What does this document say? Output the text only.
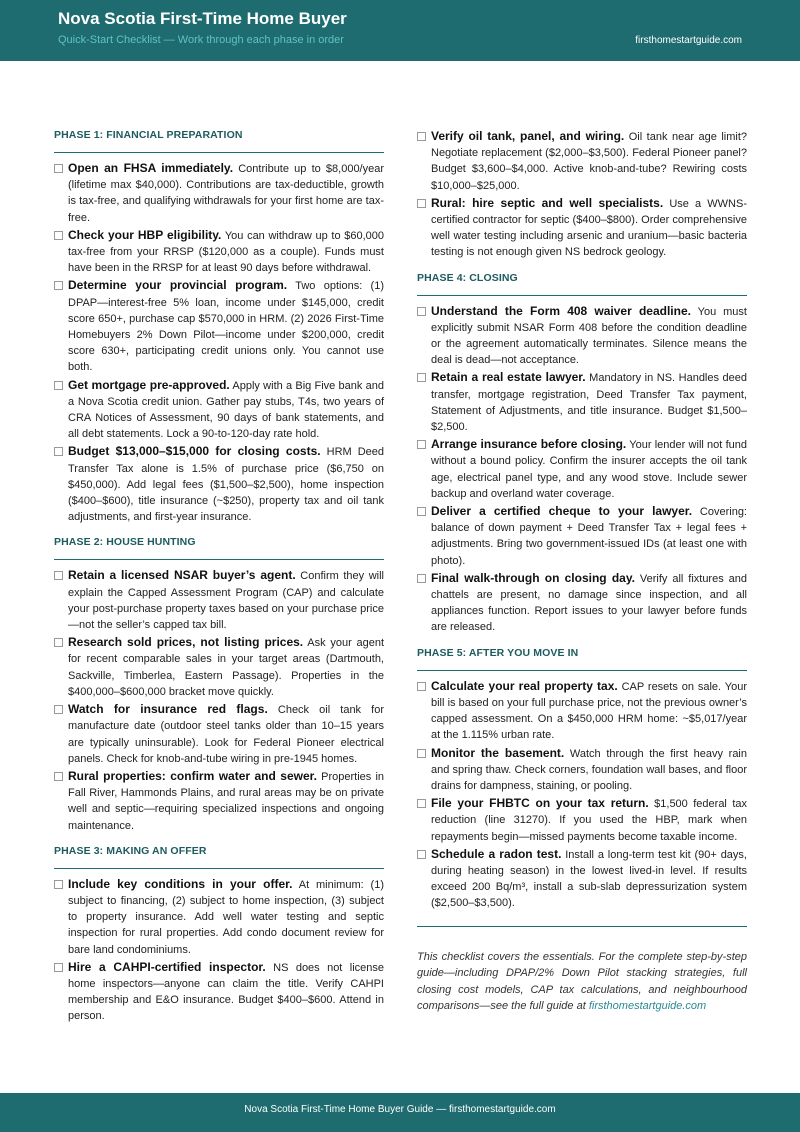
Nova Scotia First-Time Home Buyer
Quick-Start Checklist — Work through each phase in order	firsthomestartguide.com
PHASE 1: FINANCIAL PREPARATION
Open an FHSA immediately. Contribute up to $8,000/year (lifetime max $40,000). Contributions are tax-deductible, growth is tax-free, and qualifying withdrawals for your first home are tax-free.
Check your HBP eligibility. You can withdraw up to $60,000 tax-free from your RRSP ($120,000 as a couple). Funds must have been in the RRSP for at least 90 days before withdrawal.
Determine your provincial program. Two options: (1) DPAP—interest-free 5% loan, income under $145,000, credit score 650+, purchase cap $570,000 in HRM. (2) 2026 First-Time Homebuyers 2% Down Pilot—income under $200,000, credit score 630+, participating credit unions only. You cannot use both.
Get mortgage pre-approved. Apply with a Big Five bank and a Nova Scotia credit union. Gather pay stubs, T4s, two years of CRA Notices of Assessment, 90 days of bank statements, and all debt statements. Lock a 90-to-120-day rate hold.
Budget $13,000–$15,000 for closing costs. HRM Deed Transfer Tax alone is 1.5% of purchase price ($6,750 on $450,000). Add legal fees ($1,500–$2,500), home inspection ($400–$600), title insurance (~$250), property tax and oil tank adjustments, and first-year insurance.
PHASE 2: HOUSE HUNTING
Retain a licensed NSAR buyer’s agent. Confirm they will explain the Capped Assessment Program (CAP) and calculate your post-purchase property taxes based on your purchase price—not the seller’s capped tax bill.
Research sold prices, not listing prices. Ask your agent for recent comparable sales in your target areas (Dartmouth, Sackville, Timberlea, Eastern Passage). Properties in the $400,000–$600,000 bracket move quickly.
Watch for insurance red flags. Check oil tank for manufacture date (outdoor steel tanks older than 10–15 years are typically uninsurable). Look for Federal Pioneer electrical panels. Check for knob-and-tube wiring in pre-1945 homes.
Rural properties: confirm water and sewer. Properties in Fall River, Hammonds Plains, and rural areas may be on private well and septic—requiring specialized inspections and ongoing maintenance.
PHASE 3: MAKING AN OFFER
Include key conditions in your offer. At minimum: (1) subject to financing, (2) subject to home inspection, (3) subject to property insurance. Add well water testing and septic inspection for rural properties. Add condo document review for bare land condominiums.
Hire a CAHPI-certified inspector. NS does not license home inspectors—anyone can claim the title. Verify CAHPI membership and E&O insurance. Budget $400–$600. Attend in person.
Verify oil tank, panel, and wiring. Oil tank near age limit? Negotiate replacement ($2,000–$3,500). Federal Pioneer panel? Budget $3,600–$4,000. Active knob-and-tube? Rewiring costs $10,000–$25,000.
Rural: hire septic and well specialists. Use a WWNS-certified contractor for septic ($400–$800). Order comprehensive well water testing including arsenic and uranium—basic bacteria testing is not enough given NS bedrock geology.
PHASE 4: CLOSING
Understand the Form 408 waiver deadline. You must explicitly submit NSAR Form 408 before the condition deadline or the agreement automatically terminates. Silence means the deal is dead—not acceptance.
Retain a real estate lawyer. Mandatory in NS. Handles deed transfer, mortgage registration, Deed Transfer Tax payment, Statement of Adjustments, and title insurance. Budget $1,500–$2,500.
Arrange insurance before closing. Your lender will not fund without a bound policy. Confirm the insurer accepts the oil tank age, electrical panel type, and any wood stove. Include sewer backup and overland water coverage.
Deliver a certified cheque to your lawyer. Covering: balance of down payment + Deed Transfer Tax + legal fees + adjustments. Bring two government-issued IDs (at least one with photo).
Final walk-through on closing day. Verify all fixtures and chattels are present, no damage since inspection, and all appliances function. Report issues to your lawyer before funds are released.
PHASE 5: AFTER YOU MOVE IN
Calculate your real property tax. CAP resets on sale. Your bill is based on your full purchase price, not the previous owner’s capped assessment. On a $450,000 HRM home: ~$5,017/year at the 1.115% urban rate.
Monitor the basement. Watch through the first heavy rain and spring thaw. Check corners, foundation wall bases, and floor drains for dampness, staining, or pooling.
File your FHBTC on your tax return. $1,500 federal tax reduction (line 31270). If you used the HBP, mark when repayments begin—missed payments become taxable income.
Schedule a radon test. Install a long-term test kit (90+ days, during heating season) in the lowest lived-in level. If results exceed 200 Bq/m³, install a sub-slab depressurization system ($2,500–$3,500).
This checklist covers the essentials. For the complete step-by-step guide—including DPAP/2% Down Pilot stacking strategies, full closing cost models, CAP tax calculations, and neighbourhood comparisons—see the full guide at firsthomestartguide.com
Nova Scotia First-Time Home Buyer Guide — firsthomestartguide.com
